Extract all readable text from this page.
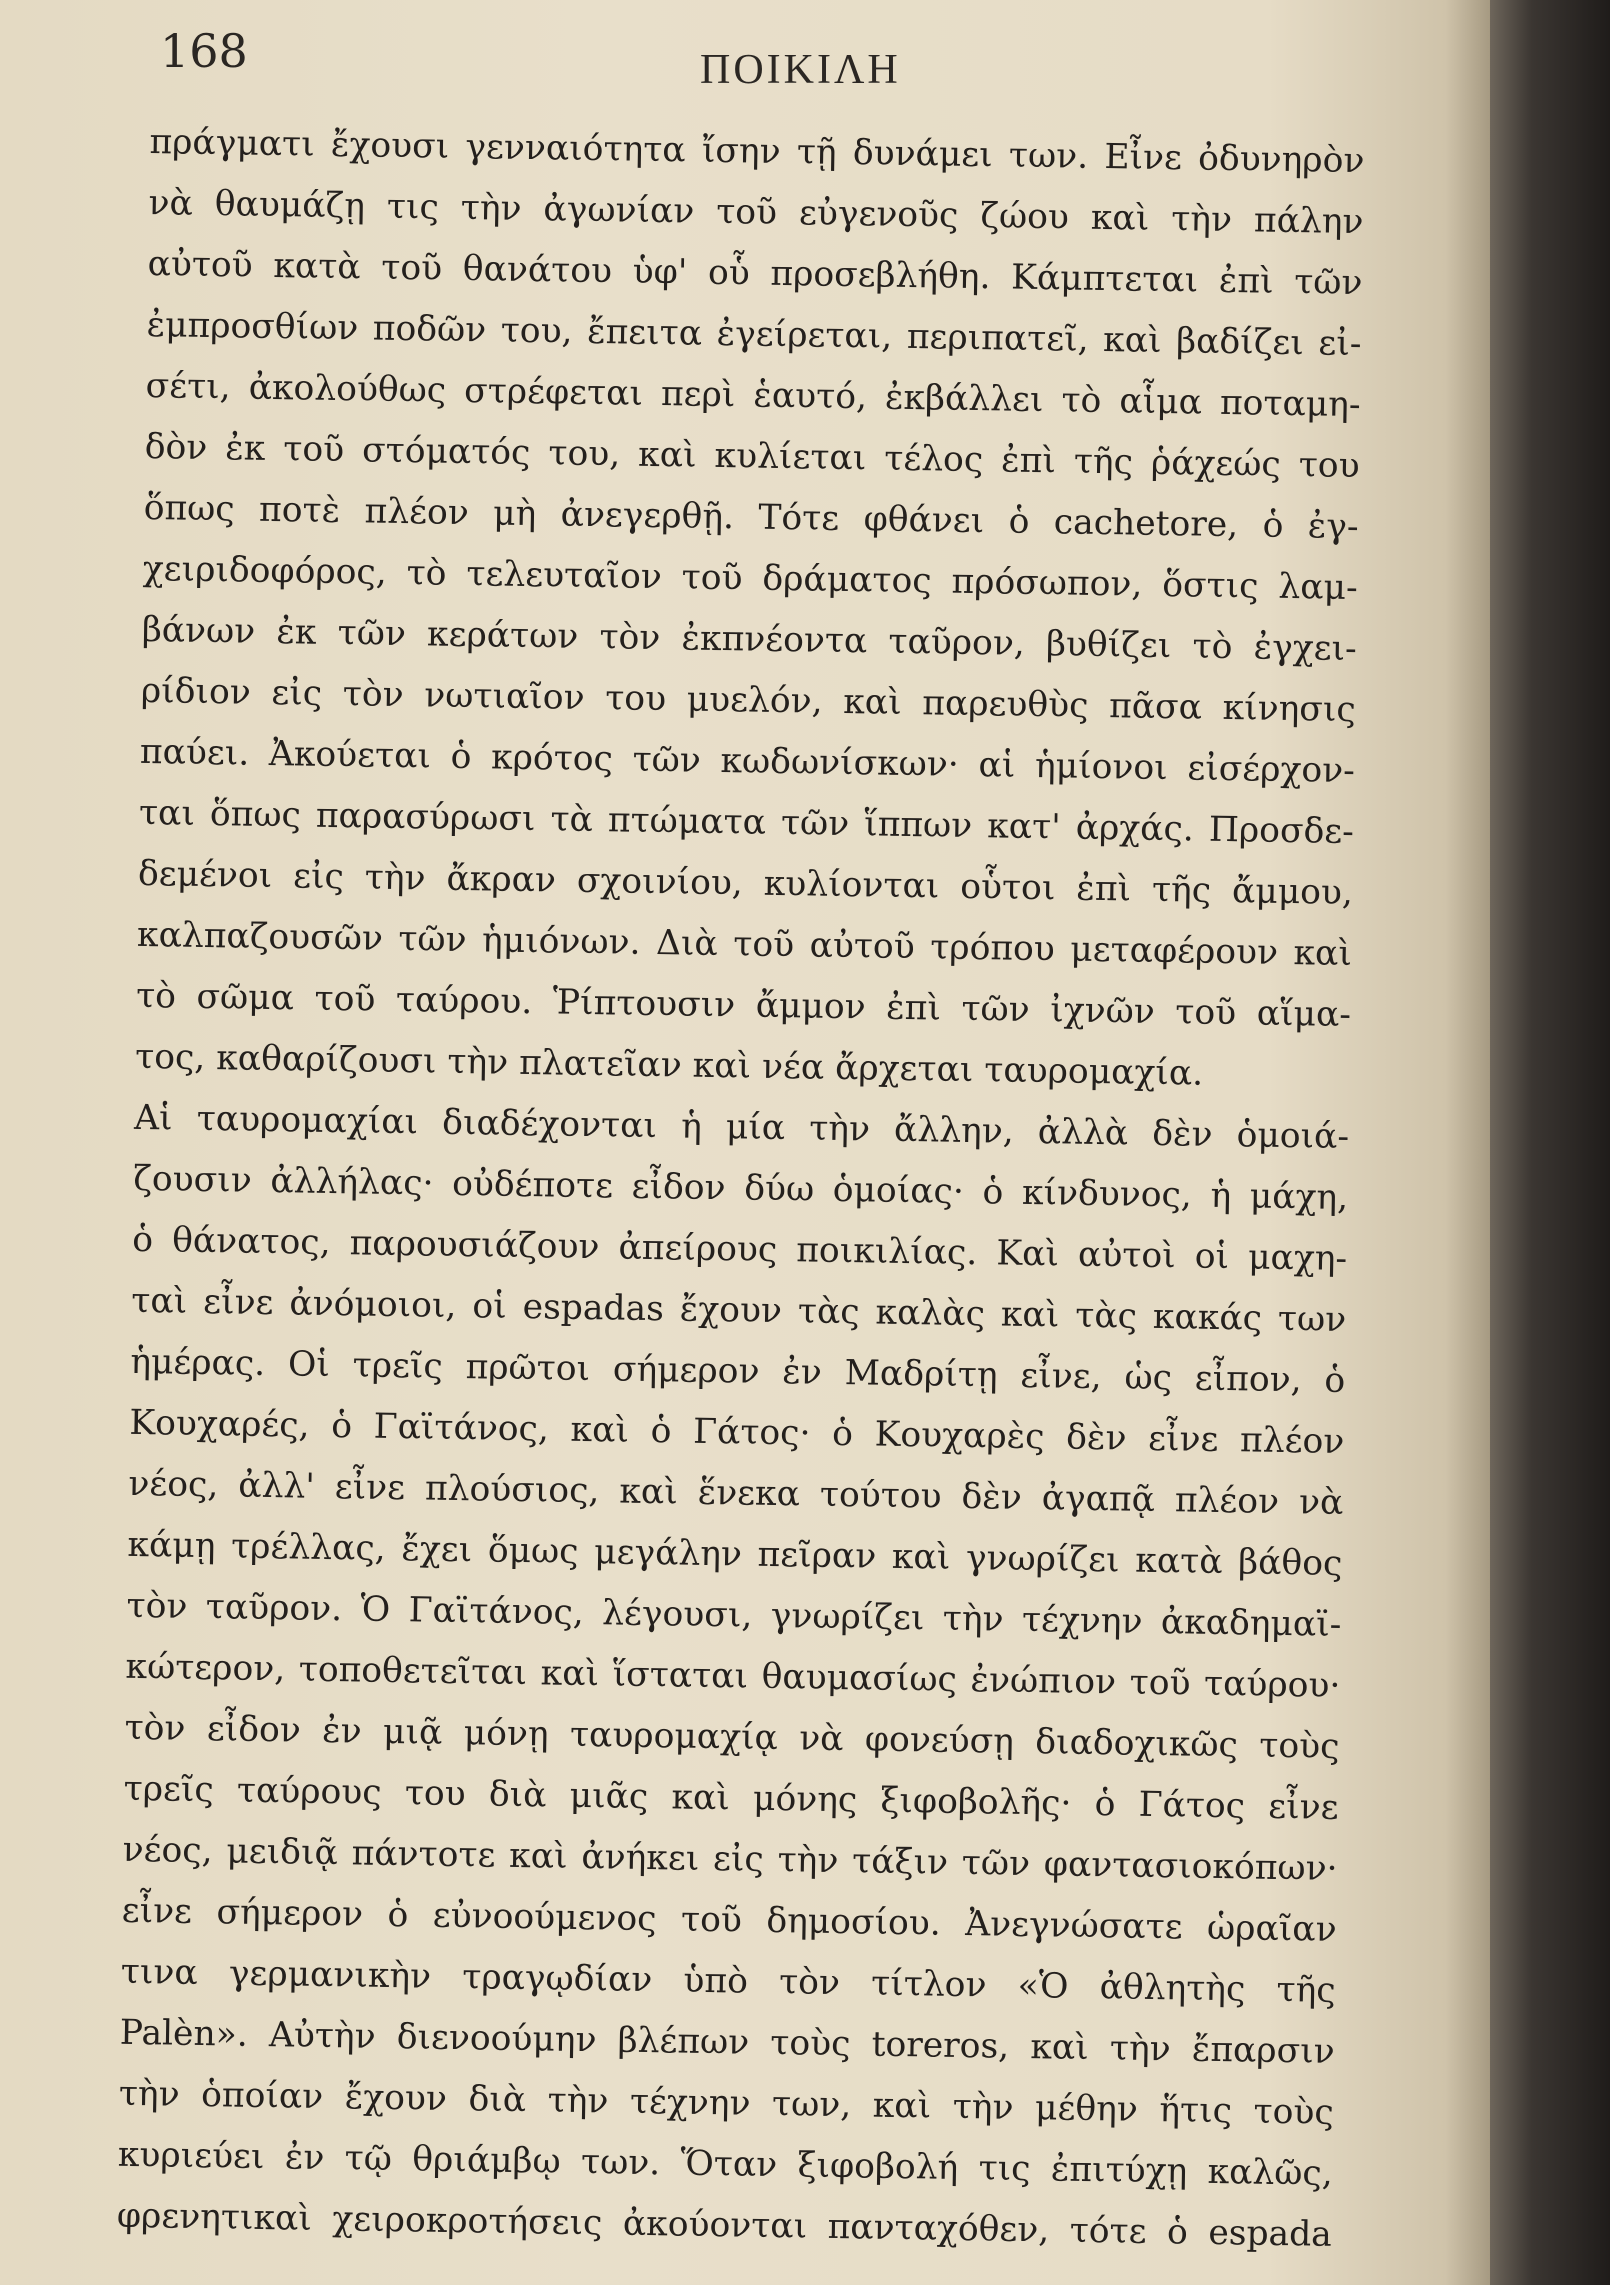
168	ΠΟΙΚΙΛΗ
πράγματι ἔχουσι γενναιότητα ἴσην τῇ δυνάμει των. Εἶνε ὀδυνηρὸν
νὰ θαυμάζῃ τις τὴν ἀγωνίαν τοῦ εὐγενοῦς ζώου καὶ τὴν πάλην
αὐτοῦ κατὰ τοῦ θανάτου ὑφ' οὗ προσεβλήθη. Κάμπτεται ἐπὶ τῶν
ἐμπροσθίων ποδῶν του, ἔπειτα ἐγείρεται, περιπατεῖ, καὶ βαδίζει εἰ-
σέτι, ἀκολούθως στρέφεται περὶ ἑαυτό, ἐκβάλλει τὸ αἷμα ποταμη-
δὸν ἐκ τοῦ στόματός του, καὶ κυλίεται τέλος ἐπὶ τῆς ῥάχεώς του
ὅπως ποτὲ πλέον μὴ ἀνεγερθῇ. Τότε φθάνει ὁ cachetore, ὁ ἐγ-
χειριδοφόρος, τὸ τελευταῖον τοῦ δράματος πρόσωπον, ὅστις λαμ-
βάνων ἐκ τῶν κεράτων τὸν ἐκπνέοντα ταῦρον, βυθίζει τὸ ἐγχει-
ρίδιον εἰς τὸν νωτιαῖον του μυελόν, καὶ παρευθὺς πᾶσα κίνησις
παύει. Ἀκούεται ὁ κρότος τῶν κωδωνίσκων· αἱ ἡμίονοι εἰσέρχον-
ται ὅπως παρασύρωσι τὰ πτώματα τῶν ἵππων κατ' ἀρχάς. Προσδε-
δεμένοι εἰς τὴν ἄκραν σχοινίου, κυλίονται οὗτοι ἐπὶ τῆς ἄμμου,
καλπαζουσῶν τῶν ἡμιόνων. Διὰ τοῦ αὐτοῦ τρόπου μεταφέρουν καὶ
τὸ σῶμα τοῦ ταύρου. Ῥίπτουσιν ἄμμον ἐπὶ τῶν ἰχνῶν τοῦ αἵμα-
τος, καθαρίζουσι τὴν πλατεῖαν καὶ νέα ἄρχεται ταυρομαχία.
Αἱ ταυρομαχίαι διαδέχονται ἡ μία τὴν ἄλλην, ἀλλὰ δὲν ὁμοιά-
ζουσιν ἀλλήλας· οὐδέποτε εἶδον δύω ὁμοίας· ὁ κίνδυνος, ἡ μάχη,
ὁ θάνατος, παρουσιάζουν ἀπείρους ποικιλίας. Καὶ αὐτοὶ οἱ μαχη-
ταὶ εἶνε ἀνόμοιοι, οἱ espadas ἔχουν τὰς καλὰς καὶ τὰς κακάς των
ἡμέρας. Οἱ τρεῖς πρῶτοι σήμερον ἐν Μαδρίτῃ εἶνε, ὡς εἶπον, ὁ
Κουχαρές, ὁ Γαϊτάνος, καὶ ὁ Γάτος· ὁ Κουχαρὲς δὲν εἶνε πλέον
νέος, ἀλλ' εἶνε πλούσιος, καὶ ἕνεκα τούτου δὲν ἀγαπᾷ πλέον νὰ
κάμῃ τρέλλας, ἔχει ὅμως μεγάλην πεῖραν καὶ γνωρίζει κατὰ βάθος
τὸν ταῦρον. Ὁ Γαϊτάνος, λέγουσι, γνωρίζει τὴν τέχνην ἀκαδημαϊ-
κώτερον, τοποθετεῖται καὶ ἵσταται θαυμασίως ἐνώπιον τοῦ ταύρου·
τὸν εἶδον ἐν μιᾷ μόνῃ ταυρομαχίᾳ νὰ φονεύσῃ διαδοχικῶς τοὺς
τρεῖς ταύρους του διὰ μιᾶς καὶ μόνης ξιφοβολῆς· ὁ Γάτος εἶνε
νέος, μειδιᾷ πάντοτε καὶ ἀνήκει εἰς τὴν τάξιν τῶν φαντασιοκόπων·
εἶνε σήμερον ὁ εὐνοούμενος τοῦ δημοσίου. Ἀνεγνώσατε ὡραῖαν
τινα γερμανικὴν τραγῳδίαν ὑπὸ τὸν τίτλον «Ὁ ἀθλητὴς τῆς
Palèn». Αὐτὴν διενοούμην βλέπων τοὺς toreros, καὶ τὴν ἔπαρσιν
τὴν ὁποίαν ἔχουν διὰ τὴν τέχνην των, καὶ τὴν μέθην ἥτις τοὺς
κυριεύει ἐν τῷ θριάμβῳ των. Ὅταν ξιφοβολή τις ἐπιτύχῃ καλῶς,
φρενητικαὶ χειροκροτήσεις ἀκούονται πανταχόθεν, τότε ὁ espada
